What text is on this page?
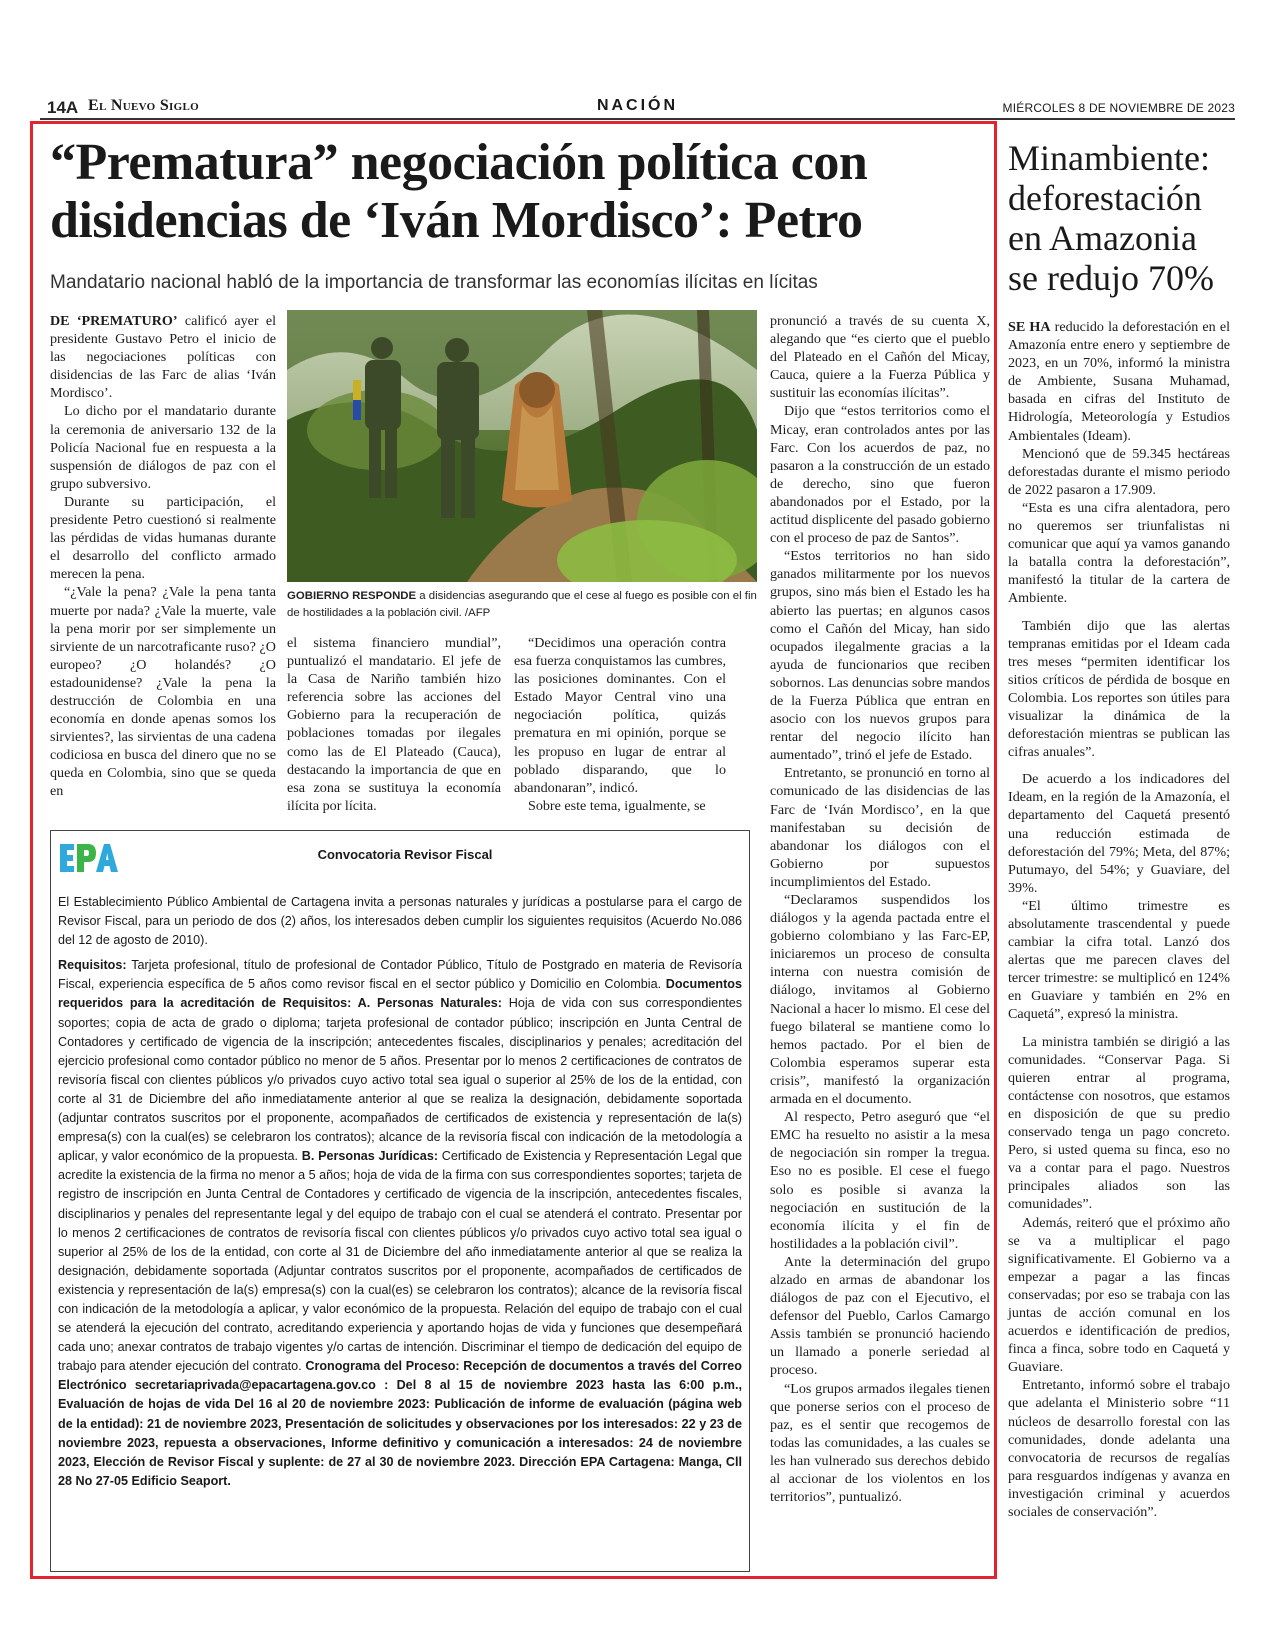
14A El Nuevo Siglo	NACIÓN	MIÉRCOLES 8 DE NOVIEMBRE DE 2023
“Prematura” negociación política con disidencias de ‘Iván Mordisco’: Petro
Mandatario nacional habló de la importancia de transformar las economías ilícitas en lícitas

DE ‘PREMATURO’ calificó ayer el presidente Gustavo Petro el inicio de las negociaciones políticas con disidencias de las Farc de alias ‘Iván Mordisco’.

Lo dicho por el mandatario durante la ceremonia de aniversario 132 de la Policía Nacional fue en respuesta a la suspensión de diálogos de paz con el grupo subversivo.

Durante su participación, el presidente Petro cuestionó si realmente las pérdidas de vidas humanas durante el desarrollo del conflicto armado merecen la pena.

“¿Vale la pena? ¿Vale la pena tanta muerte por nada? ¿Vale la muerte, vale la pena morir por ser simplemente un sirviente de un narcotraficante ruso? ¿O europeo? ¿O holandés? ¿O estadounidense? ¿Vale la pena la destrucción de Colombia en una economía en donde apenas somos los sirvientes?, las sirvientas de una cadena codiciosa en busca del dinero que no se queda en Colombia, sino que se queda en

GOBIERNO RESPONDE a disidencias asegurando que el cese al fuego es posible con el fin de hostilidades a la población civil. /AFP

el sistema financiero mundial”, puntualizó el mandatario. El jefe de la Casa de Nariño también hizo referencia sobre las acciones del Gobierno para la recuperación de poblaciones tomadas por ilegales como las de El Plateado (Cauca), destacando la importancia de que en esa zona se sustituya la economía ilícita por lícita.

“Decidimos una operación contra esa fuerza conquistamos las cumbres, las posiciones dominantes. Con el Estado Mayor Central vino una negociación política, quizás prematura en mi opinión, porque se les propuso en lugar de entrar al poblado disparando, que lo abandonaran”, indicó.

Sobre este tema, igualmente, se

pronunció a través de su cuenta X, alegando que “es cierto que el pueblo del Plateado en el Cañón del Micay, Cauca, quiere a la Fuerza Pública y sustituir las economías ilícitas”.

Dijo que “estos territorios como el Micay, eran controlados antes por las Farc. Con los acuerdos de paz, no pasaron a la construcción de un estado de derecho, sino que fueron abandonados por el Estado, por la actitud displicente del pasado gobierno con el proceso de paz de Santos”.

“Estos territorios no han sido ganados militarmente por los nuevos grupos, sino más bien el Estado les ha abierto las puertas; en algunos casos como el Cañón del Micay, han sido ocupados ilegalmente gracias a la ayuda de funcionarios que reciben sobornos. Las denuncias sobre mandos de la Fuerza Pública que entran en asocio con los nuevos grupos para rentar del negocio ilícito han aumentado”, trinó el jefe de Estado.

Entretanto, se pronunció en torno al comunicado de las disidencias de las Farc de ‘Iván Mordisco’, en la que manifestaban su decisión de abandonar los diálogos con el Gobierno por supuestos incumplimientos del Estado.

“Declaramos suspendidos los diálogos y la agenda pactada entre el gobierno colombiano y las Farc-EP, iniciaremos un proceso de consulta interna con nuestra comisión de diálogo, invitamos al Gobierno Nacional a hacer lo mismo. El cese del fuego bilateral se mantiene como lo hemos pactado. Por el bien de Colombia esperamos superar esta crisis”, manifestó la organización armada en el documento.

Al respecto, Petro aseguró que “el EMC ha resuelto no asistir a la mesa de negociación sin romper la tregua. Eso no es posible. El cese el fuego solo es posible si avanza la negociación en sustitución de la economía ilícita y el fin de hostilidades a la población civil”.

Ante la determinación del grupo alzado en armas de abandonar los diálogos de paz con el Ejecutivo, el defensor del Pueblo, Carlos Camargo Assis también se pronunció haciendo un llamado a ponerle seriedad al proceso.

“Los grupos armados ilegales tienen que ponerse serios con el proceso de paz, es el sentir que recogemos de todas las comunidades, a las cuales se les han vulnerado sus derechos debido al accionar de los violentos en los territorios”, puntualizó.

Convocatoria Revisor Fiscal

El Establecimiento Público Ambiental de Cartagena invita a personas naturales y jurídicas a postularse para el cargo de Revisor Fiscal, para un periodo de dos (2) años, los interesados deben cumplir los siguientes requisitos (Acuerdo No.086 del 12 de agosto de 2010).

Requisitos: Tarjeta profesional, título de profesional de Contador Público, Título de Postgrado en materia de Revisoría Fiscal, experiencia específica de 5 años como revisor fiscal en el sector público y Domicilio en Colombia. Documentos requeridos para la acreditación de Requisitos: A. Personas Naturales: Hoja de vida con sus correspondientes soportes; copia de acta de grado o diploma; tarjeta profesional de contador público; inscripción en Junta Central de Contadores y certificado de vigencia de la inscripción; antecedentes fiscales, disciplinarios y penales; acreditación del ejercicio profesional como contador público no menor de 5 años. Presentar por lo menos 2 certificaciones de contratos de revisoría fiscal con clientes públicos y/o privados cuyo activo total sea igual o superior al 25% de los de la entidad, con corte al 31 de Diciembre del año inmediatamente anterior al que se realiza la designación, debidamente soportada (adjuntar contratos suscritos por el proponente, acompañados de certificados de existencia y representación de la(s) empresa(s) con la cual(es) se celebraron los contratos); alcance de la revisoría fiscal con indicación de la metodología a aplicar, y valor económico de la propuesta. B. Personas Jurídicas: Certificado de Existencia y Representación Legal que acredite la existencia de la firma no menor a 5 años; hoja de vida de la firma con sus correspondientes soportes; tarjeta de registro de inscripción en Junta Central de Contadores y certificado de vigencia de la inscripción, antecedentes fiscales, disciplinarios y penales del representante legal y del equipo de trabajo con el cual se atenderá el contrato. Presentar por lo menos 2 certificaciones de contratos de revisoría fiscal con clientes públicos y/o privados cuyo activo total sea igual o superior al 25% de los de la entidad, con corte al 31 de Diciembre del año inmediatamente anterior al que se realiza la designación, debidamente soportada (Adjuntar contratos suscritos por el proponente, acompañados de certificados de existencia y representación de la(s) empresa(s) con la cual(es) se celebraron los contratos); alcance de la revisoría fiscal con indicación de la metodología a aplicar, y valor económico de la propuesta. Relación del equipo de trabajo con el cual se atenderá la ejecución del contrato, acreditando experiencia y aportando hojas de vida y funciones que desempeñará cada uno; anexar contratos de trabajo vigentes y/o cartas de intención. Discriminar el tiempo de dedicación del equipo de trabajo para atender ejecución del contrato. Cronograma del Proceso: Recepción de documentos a través del Correo Electrónico secretariaprivada@epacartagena.gov.co : Del 8 al 15 de noviembre 2023 hasta las 6:00 p.m., Evaluación de hojas de vida Del 16 al 20 de noviembre 2023: Publicación de informe de evaluación (página web de la entidad): 21 de noviembre 2023, Presentación de solicitudes y observaciones por los interesados: 22 y 23 de noviembre 2023, repuesta a observaciones, Informe definitivo y comunicación a interesados: 24 de noviembre 2023, Elección de Revisor Fiscal y suplente: de 27 al 30 de noviembre 2023. Dirección EPA Cartagena: Manga, Cll 28 No 27-05 Edificio Seaport.

Minambiente: deforestación en Amazonia se redujo 70%

SE HA reducido la deforestación en el Amazonía entre enero y septiembre de 2023, en un 70%, informó la ministra de Ambiente, Susana Muhamad, basada en cifras del Instituto de Hidrología, Meteorología y Estudios Ambientales (Ideam).

Mencionó que de 59.345 hectáreas deforestadas durante el mismo periodo de 2022 pasaron a 17.909.

“Esta es una cifra alentadora, pero no queremos ser triunfalistas ni comunicar que aquí ya vamos ganando la batalla contra la deforestación”, manifestó la titular de la cartera de Ambiente.

También dijo que las alertas tempranas emitidas por el Ideam cada tres meses “permiten identificar los sitios críticos de pérdida de bosque en Colombia. Los reportes son útiles para visualizar la dinámica de la deforestación mientras se publican las cifras anuales”.

De acuerdo a los indicadores del Ideam, en la región de la Amazonía, el departamento del Caquetá presentó una reducción estimada de deforestación del 79%; Meta, del 87%; Putumayo, del 54%; y Guaviare, del 39%.

“El último trimestre es absolutamente trascendental y puede cambiar la cifra total. Lanzó dos alertas que me parecen claves del tercer trimestre: se multiplicó en 124% en Guaviare y también en 2% en Caquetá”, expresó la ministra.

La ministra también se dirigió a las comunidades. “Conservar Paga. Si quieren entrar al programa, contáctense con nosotros, que estamos en disposición de que su predio conservado tenga un pago concreto. Pero, si usted quema su finca, eso no va a contar para el pago. Nuestros principales aliados son las comunidades”.

Además, reiteró que el próximo año se va a multiplicar el pago significativamente. El Gobierno va a empezar a pagar a las fincas conservadas; por eso se trabaja con las juntas de acción comunal en los acuerdos e identificación de predios, finca a finca, sobre todo en Caquetá y Guaviare.

Entretanto, informó sobre el trabajo que adelanta el Ministerio sobre “11 núcleos de desarrollo forestal con las comunidades, donde adelanta una convocatoria de recursos de regalías para resguardos indígenas y avanza en investigación criminal y acuerdos sociales de conservación”.
